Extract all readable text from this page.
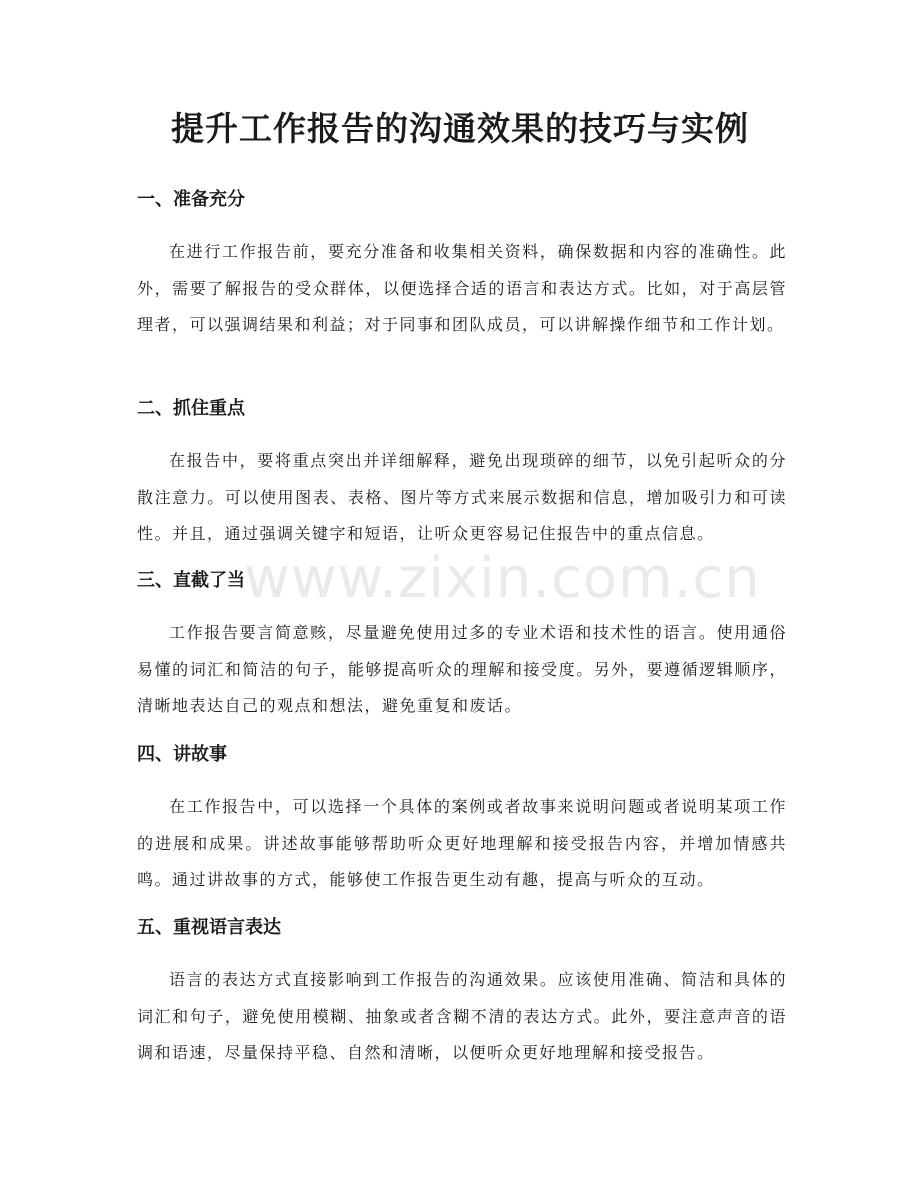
提升工作报告的沟通效果的技巧与实例
一、准备充分

在进行工作报告前，要充分准备和收集相关资料，确保数据和内容的准确性。此外，需要了解报告的受众群体，以便选择合适的语言和表达方式。比如，对于高层管理者，可以强调结果和利益；对于同事和团队成员，可以讲解操作细节和工作计划。

二、抓住重点

在报告中，要将重点突出并详细解释，避免出现琐碎的细节，以免引起听众的分散注意力。可以使用图表、表格、图片等方式来展示数据和信息，增加吸引力和可读性。并且，通过强调关键字和短语，让听众更容易记住报告中的重点信息。

三、直截了当

工作报告要言简意赅，尽量避免使用过多的专业术语和技术性的语言。使用通俗易懂的词汇和简洁的句子，能够提高听众的理解和接受度。另外，要遵循逻辑顺序，清晰地表达自己的观点和想法，避免重复和废话。

四、讲故事

在工作报告中，可以选择一个具体的案例或者故事来说明问题或者说明某项工作的进展和成果。讲述故事能够帮助听众更好地理解和接受报告内容，并增加情感共鸣。通过讲故事的方式，能够使工作报告更生动有趣，提高与听众的互动。

五、重视语言表达

语言的表达方式直接影响到工作报告的沟通效果。应该使用准确、简洁和具体的词汇和句子，避免使用模糊、抽象或者含糊不清的表达方式。此外，要注意声音的语调和语速，尽量保持平稳、自然和清晰，以便听众更好地理解和接受报告。

www.zixin.com.cn
